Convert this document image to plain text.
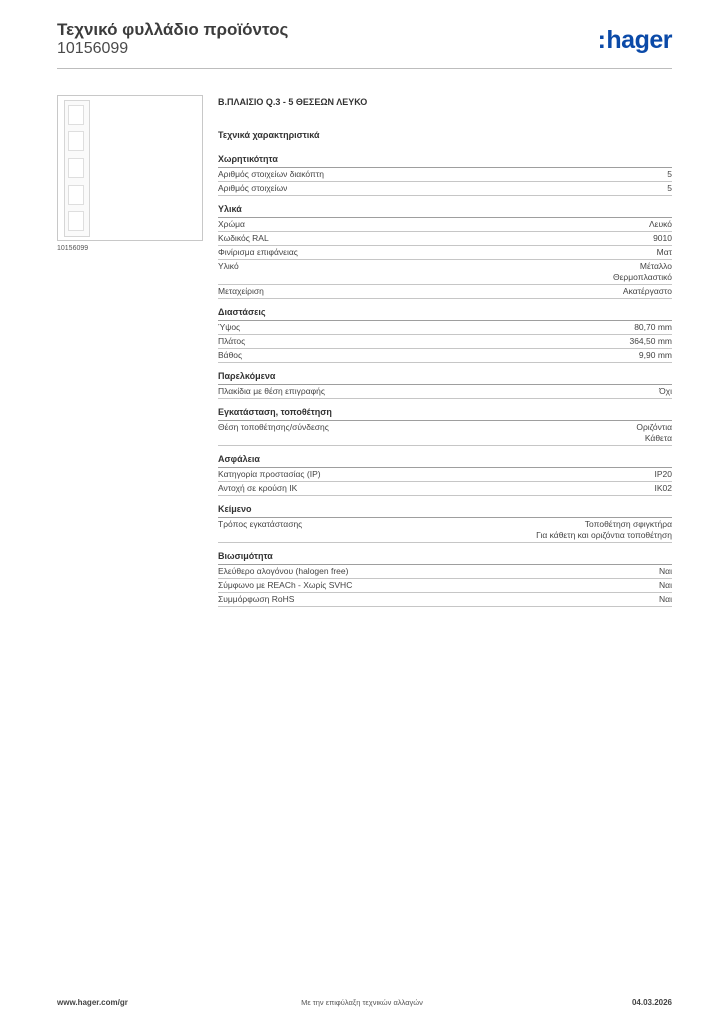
Τεχνικό φυλλάδιο προϊόντος
10156099	:hager
10156099
Β.ΠΛΑΙΣΙΟ Q.3 - 5 ΘΕΣΕΩΝ ΛΕΥΚΟ
Τεχνικά χαρακτηριστικά
Χωρητικότητα
Αριθμός στοιχείων διακόπτη	5
Αριθμός στοιχείων	5
Υλικά
Χρώμα	Λευκό
Κωδικός RAL	9010
Φινίρισμα επιφάνειας	Ματ
Υλικό	Μέταλλο
Θερμοπλαστικό
Μεταχείριση	Ακατέργαστο
Διαστάσεις
Ύψος	80,70 mm
Πλάτος	364,50 mm
Βάθος	9,90 mm
Παρελκόμενα
Πλακίδια με θέση επιγραφής	Όχι
Εγκατάσταση, τοποθέτηση
Θέση τοποθέτησης/σύνδεσης	Οριζόντια
Κάθετα
Ασφάλεια
Κατηγορία προστασίας (IP)	IP20
Αντοχή σε κρούση IK	IK02
Κείμενο
Τρόπος εγκατάστασης	Τοποθέτηση σφιγκτήρα
Για κάθετη και οριζόντια τοποθέτηση
Βιωσιμότητα
Ελεύθερο αλογόνου (halogen free)	Ναι
Σύμφωνο με REACh - Χωρίς SVHC	Ναι
Συμμόρφωση RoHS	Ναι
www.hager.com/gr	Με την επιφύλαξη τεχνικών αλλαγών	04.03.2026
